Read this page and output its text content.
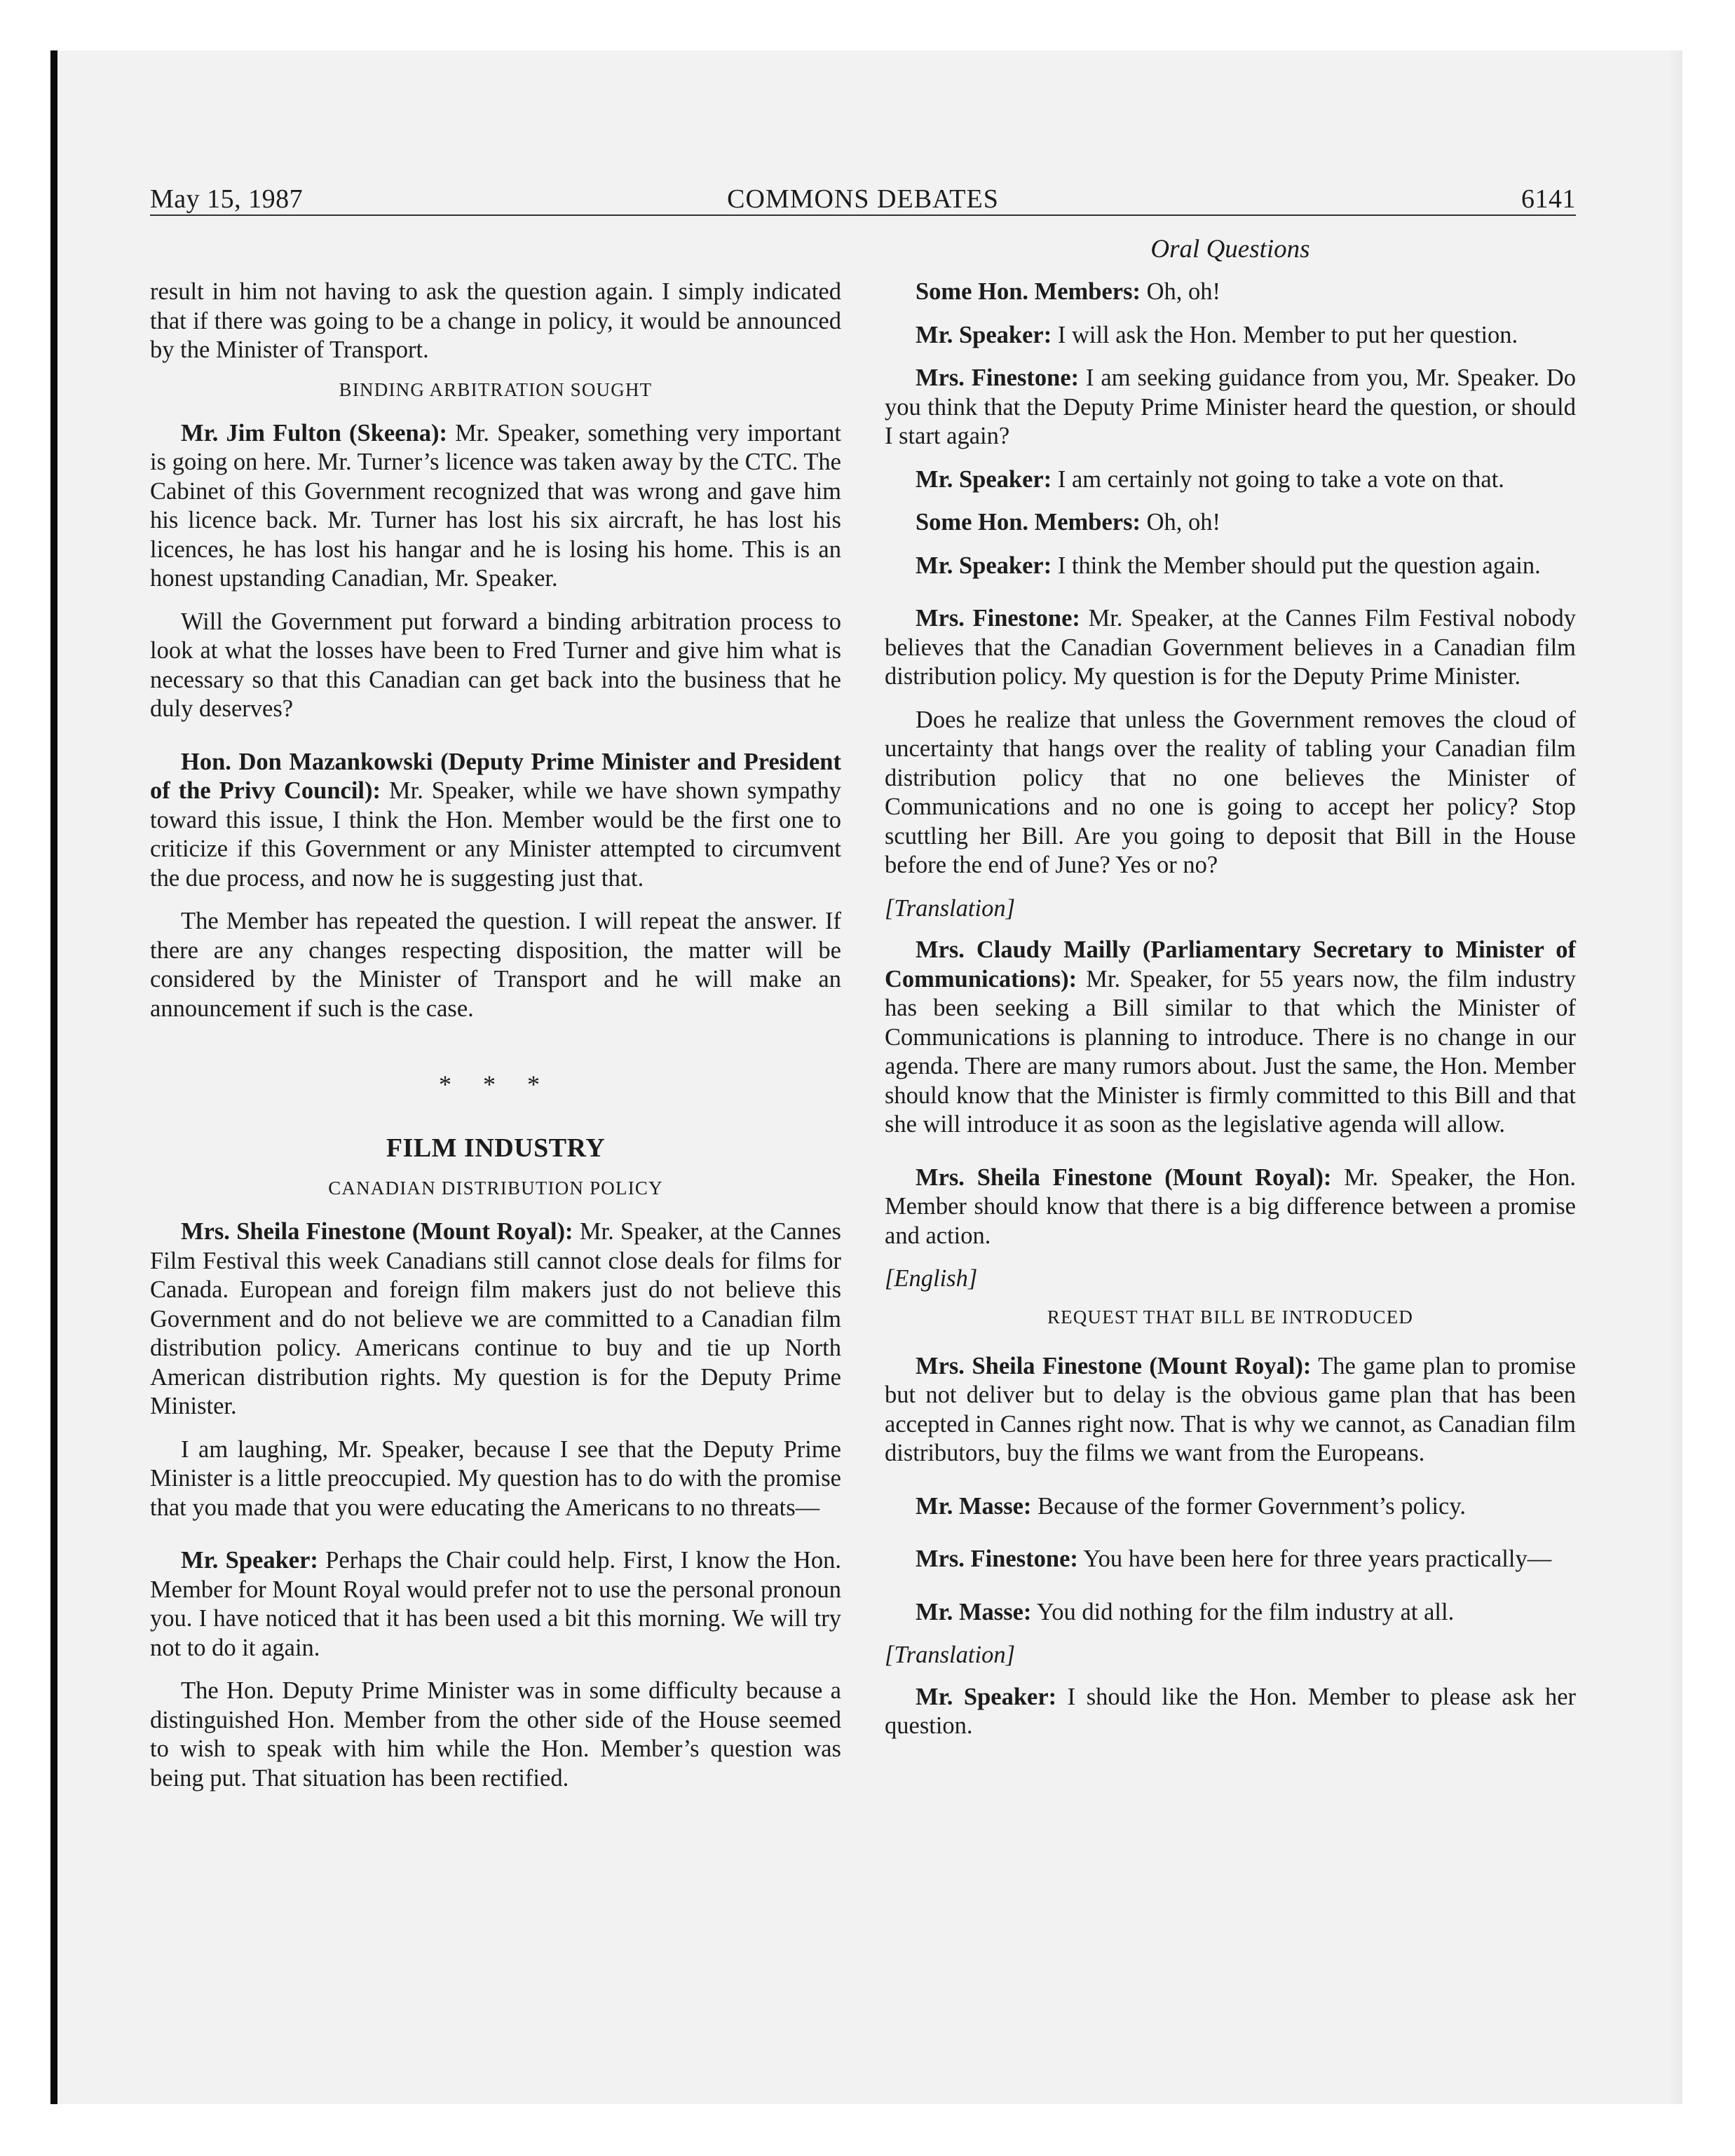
May 15, 1987	COMMONS DEBATES	6141
Oral Questions

result in him not having to ask the question again. I simply indicated that if there was going to be a change in policy, it would be announced by the Minister of Transport.

BINDING ARBITRATION SOUGHT

Mr. Jim Fulton (Skeena): Mr. Speaker, something very important is going on here. Mr. Turner’s licence was taken away by the CTC. The Cabinet of this Government recognized that was wrong and gave him his licence back. Mr. Turner has lost his six aircraft, he has lost his licences, he has lost his hangar and he is losing his home. This is an honest upstanding Canadian, Mr. Speaker.

Will the Government put forward a binding arbitration process to look at what the losses have been to Fred Turner and give him what is necessary so that this Canadian can get back into the business that he duly deserves?

Hon. Don Mazankowski (Deputy Prime Minister and President of the Privy Council): Mr. Speaker, while we have shown sympathy toward this issue, I think the Hon. Member would be the first one to criticize if this Government or any Minister attempted to circumvent the due process, and now he is suggesting just that.

The Member has repeated the question. I will repeat the answer. If there are any changes respecting disposition, the matter will be considered by the Minister of Transport and he will make an announcement if such is the case.

* * *
FILM INDUSTRY
CANADIAN DISTRIBUTION POLICY

Mrs. Sheila Finestone (Mount Royal): Mr. Speaker, at the Cannes Film Festival this week Canadians still cannot close deals for films for Canada. European and foreign film makers just do not believe this Government and do not believe we are committed to a Canadian film distribution policy. Americans continue to buy and tie up North American distribution rights. My question is for the Deputy Prime Minister.

I am laughing, Mr. Speaker, because I see that the Deputy Prime Minister is a little preoccupied. My question has to do with the promise that you made that you were educating the Americans to no threats—

Mr. Speaker: Perhaps the Chair could help. First, I know the Hon. Member for Mount Royal would prefer not to use the personal pronoun you. I have noticed that it has been used a bit this morning. We will try not to do it again.

The Hon. Deputy Prime Minister was in some difficulty because a distinguished Hon. Member from the other side of the House seemed to wish to speak with him while the Hon. Member’s question was being put. That situation has been rectified.

Some Hon. Members: Oh, oh!

Mr. Speaker: I will ask the Hon. Member to put her question.

Mrs. Finestone: I am seeking guidance from you, Mr. Speaker. Do you think that the Deputy Prime Minister heard the question, or should I start again?

Mr. Speaker: I am certainly not going to take a vote on that.

Some Hon. Members: Oh, oh!

Mr. Speaker: I think the Member should put the question again.

Mrs. Finestone: Mr. Speaker, at the Cannes Film Festival nobody believes that the Canadian Government believes in a Canadian film distribution policy. My question is for the Deputy Prime Minister.

Does he realize that unless the Government removes the cloud of uncertainty that hangs over the reality of tabling your Canadian film distribution policy that no one believes the Minister of Communications and no one is going to accept her policy? Stop scuttling her Bill. Are you going to deposit that Bill in the House before the end of June? Yes or no?

[Translation]

Mrs. Claudy Mailly (Parliamentary Secretary to Minister of Communications): Mr. Speaker, for 55 years now, the film industry has been seeking a Bill similar to that which the Minister of Communications is planning to introduce. There is no change in our agenda. There are many rumors about. Just the same, the Hon. Member should know that the Minister is firmly committed to this Bill and that she will introduce it as soon as the legislative agenda will allow.

Mrs. Sheila Finestone (Mount Royal): Mr. Speaker, the Hon. Member should know that there is a big difference between a promise and action.

[English]
REQUEST THAT BILL BE INTRODUCED

Mrs. Sheila Finestone (Mount Royal): The game plan to promise but not deliver but to delay is the obvious game plan that has been accepted in Cannes right now. That is why we cannot, as Canadian film distributors, buy the films we want from the Europeans.

Mr. Masse: Because of the former Government’s policy.

Mrs. Finestone: You have been here for three years practically—

Mr. Masse: You did nothing for the film industry at all.

[Translation]

Mr. Speaker: I should like the Hon. Member to please ask her question.
